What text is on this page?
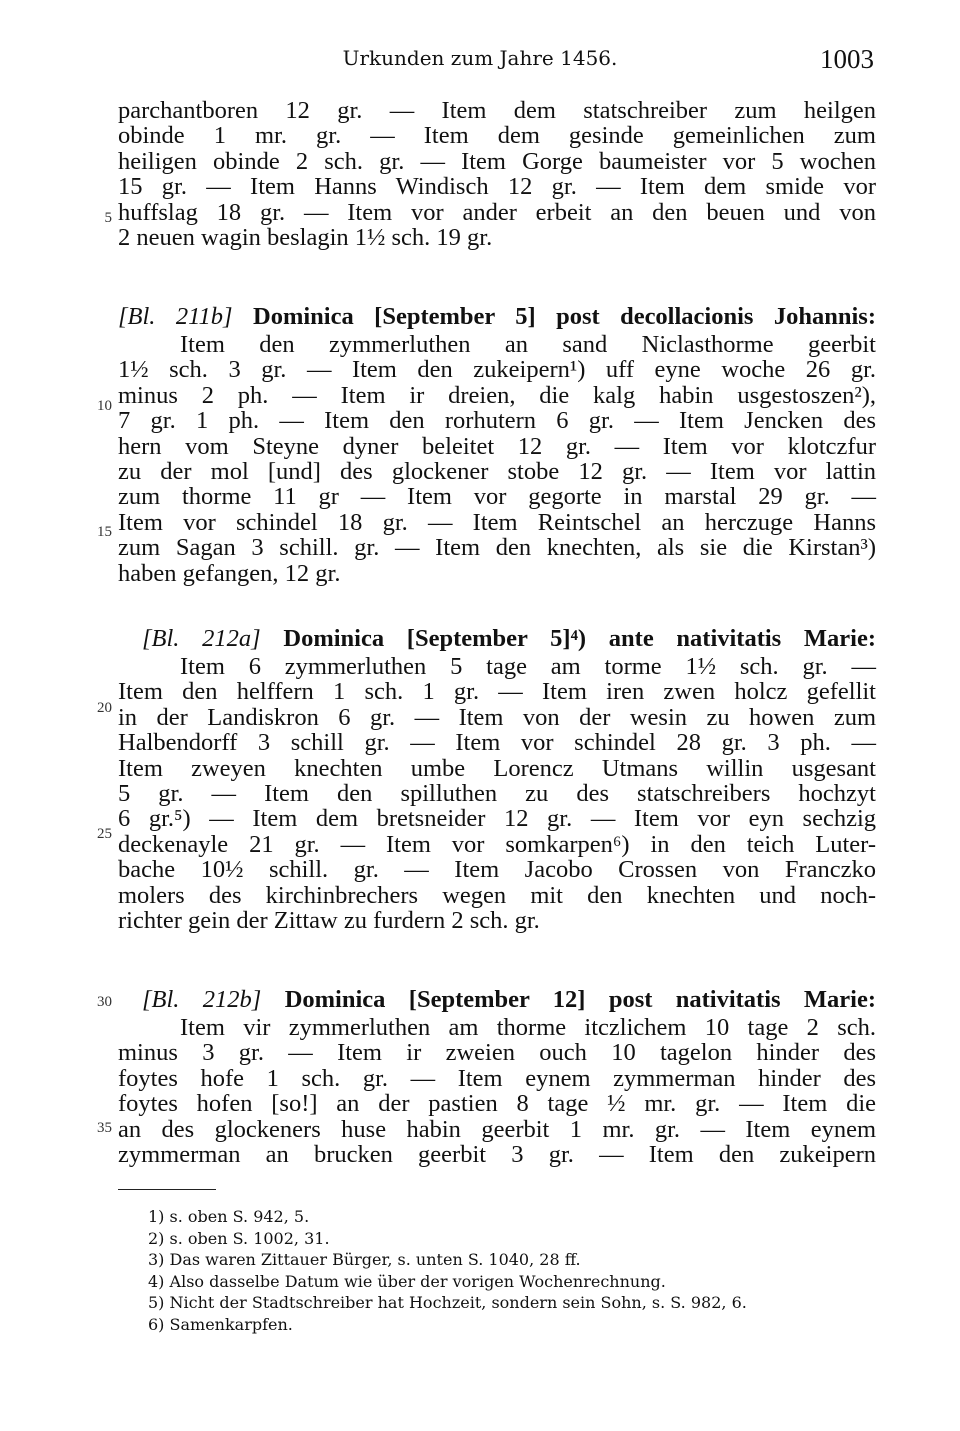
Urkunden zum Jahre 1456.	1003
5
10
15
20
25
30
35
parchantboren 12 gr. — Item dem statschreiber zum heilgen
obinde 1 mr. gr. — Item dem gesinde gemeinlichen zum
heiligen obinde 2 sch. gr. — Item Gorge baumeister vor 5 wochen
15 gr. — Item Hanns Windisch 12 gr. — Item dem smide vor
huffslag 18 gr. — Item vor ander erbeit an den beuen und von
2 neuen wagin beslagin 1½ sch. 19 gr.
[Bl. 211b] Dominica [September 5] post decollacionis Johannis:
Item den zymmerluthen an sand Niclasthorme geerbit
1½ sch. 3 gr. — Item den zukeipern¹) uff eyne woche 26 gr.
minus 2 ph. — Item ir dreien, die kalg habin usgestoszen²),
7 gr. 1 ph. — Item den rorhutern 6 gr. — Item Jencken des
hern vom Steyne dyner beleitet 12 gr. — Item vor klotczfur
zu der mol [und] des glockener stobe 12 gr. — Item vor lattin
zum thorme 11 gr — Item vor gegorte in marstal 29 gr. —
Item vor schindel 18 gr. — Item Reintschel an herczuge Hanns
zum Sagan 3 schill. gr. — Item den knechten, als sie die Kirstan³)
haben gefangen, 12 gr.
[Bl. 212a] Dominica [September 5]⁴) ante nativitatis Marie:
Item 6 zymmerluthen 5 tage am torme 1½ sch. gr. —
Item den helffern 1 sch. 1 gr. — Item iren zwen holcz gefellit
in der Landiskron 6 gr. — Item von der wesin zu howen zum
Halbendorff 3 schill gr. — Item vor schindel 28 gr. 3 ph. —
Item zweyen knechten umbe Lorencz Utmans willin usgesant
5 gr. — Item den spilluthen zu des statschreibers hochzyt
6 gr.⁵) — Item dem bretsneider 12 gr. — Item vor eyn sechzig
deckenayle 21 gr. — Item vor somkarpen⁶) in den teich Luter-
bache 10½ schill. gr. — Item Jacobo Crossen von Franczko
molers des kirchinbrechers wegen mit den knechten und noch-
richter gein der Zittaw zu furdern 2 sch. gr.
[Bl. 212b] Dominica [September 12] post nativitatis Marie:
Item vir zymmerluthen am thorme itczlichem 10 tage 2 sch.
minus 3 gr. — Item ir zweien ouch 10 tagelon hinder des
foytes hofe 1 sch. gr. — Item eynem zymmerman hinder des
foytes hofen [so!] an der pastien 8 tage ½ mr. gr. — Item die
an des glockeners huse habin geerbit 1 mr. gr. — Item eynem
zymmerman an brucken geerbit 3 gr. — Item den zukeipern
1) s. oben S. 942, 5.
2) s. oben S. 1002, 31.
3) Das waren Zittauer Bürger, s. unten S. 1040, 28 ff.
4) Also dasselbe Datum wie über der vorigen Wochenrechnung.
5) Nicht der Stadtschreiber hat Hochzeit, sondern sein Sohn, s. S. 982, 6.
6) Samenkarpfen.
